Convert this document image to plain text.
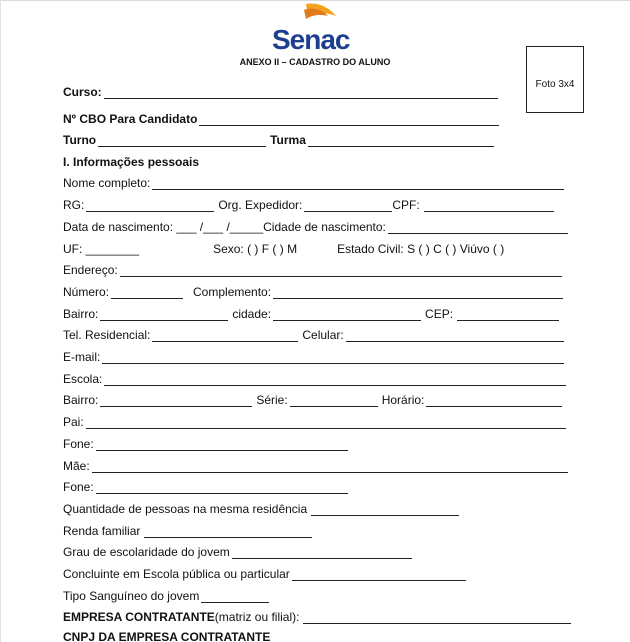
Senac
ANEXO II – CADASTRO DO ALUNO
Foto 3x4
Curso:
Nº CBO Para Candidato
Turno	Turma
I. Informações pessoais
Nome completo:
RG:	Org. Expedidor:	CPF:
Data de nascimento: ___ /___ /_____Cidade de nascimento:
UF: ________	Sexo: ( ) F ( ) M	Estado Civil: S ( ) C ( ) Viúvo ( )
Endereço:
Número:	Complemento:
Bairro:	cidade:	CEP:
Tel. Residencial:	Celular:
E-mail:
Escola:
Bairro:	Série:	Horário:
Pai:
Fone:
Mãe:
Fone:
Quantidade de pessoas na mesma residência
Renda familiar
Grau de escolaridade do jovem
Concluinte em Escola pública ou particular
Tipo Sanguíneo do jovem
EMPRESA CONTRATANTE (matriz ou filial):
CNPJ DA EMPRESA CONTRATANTE
